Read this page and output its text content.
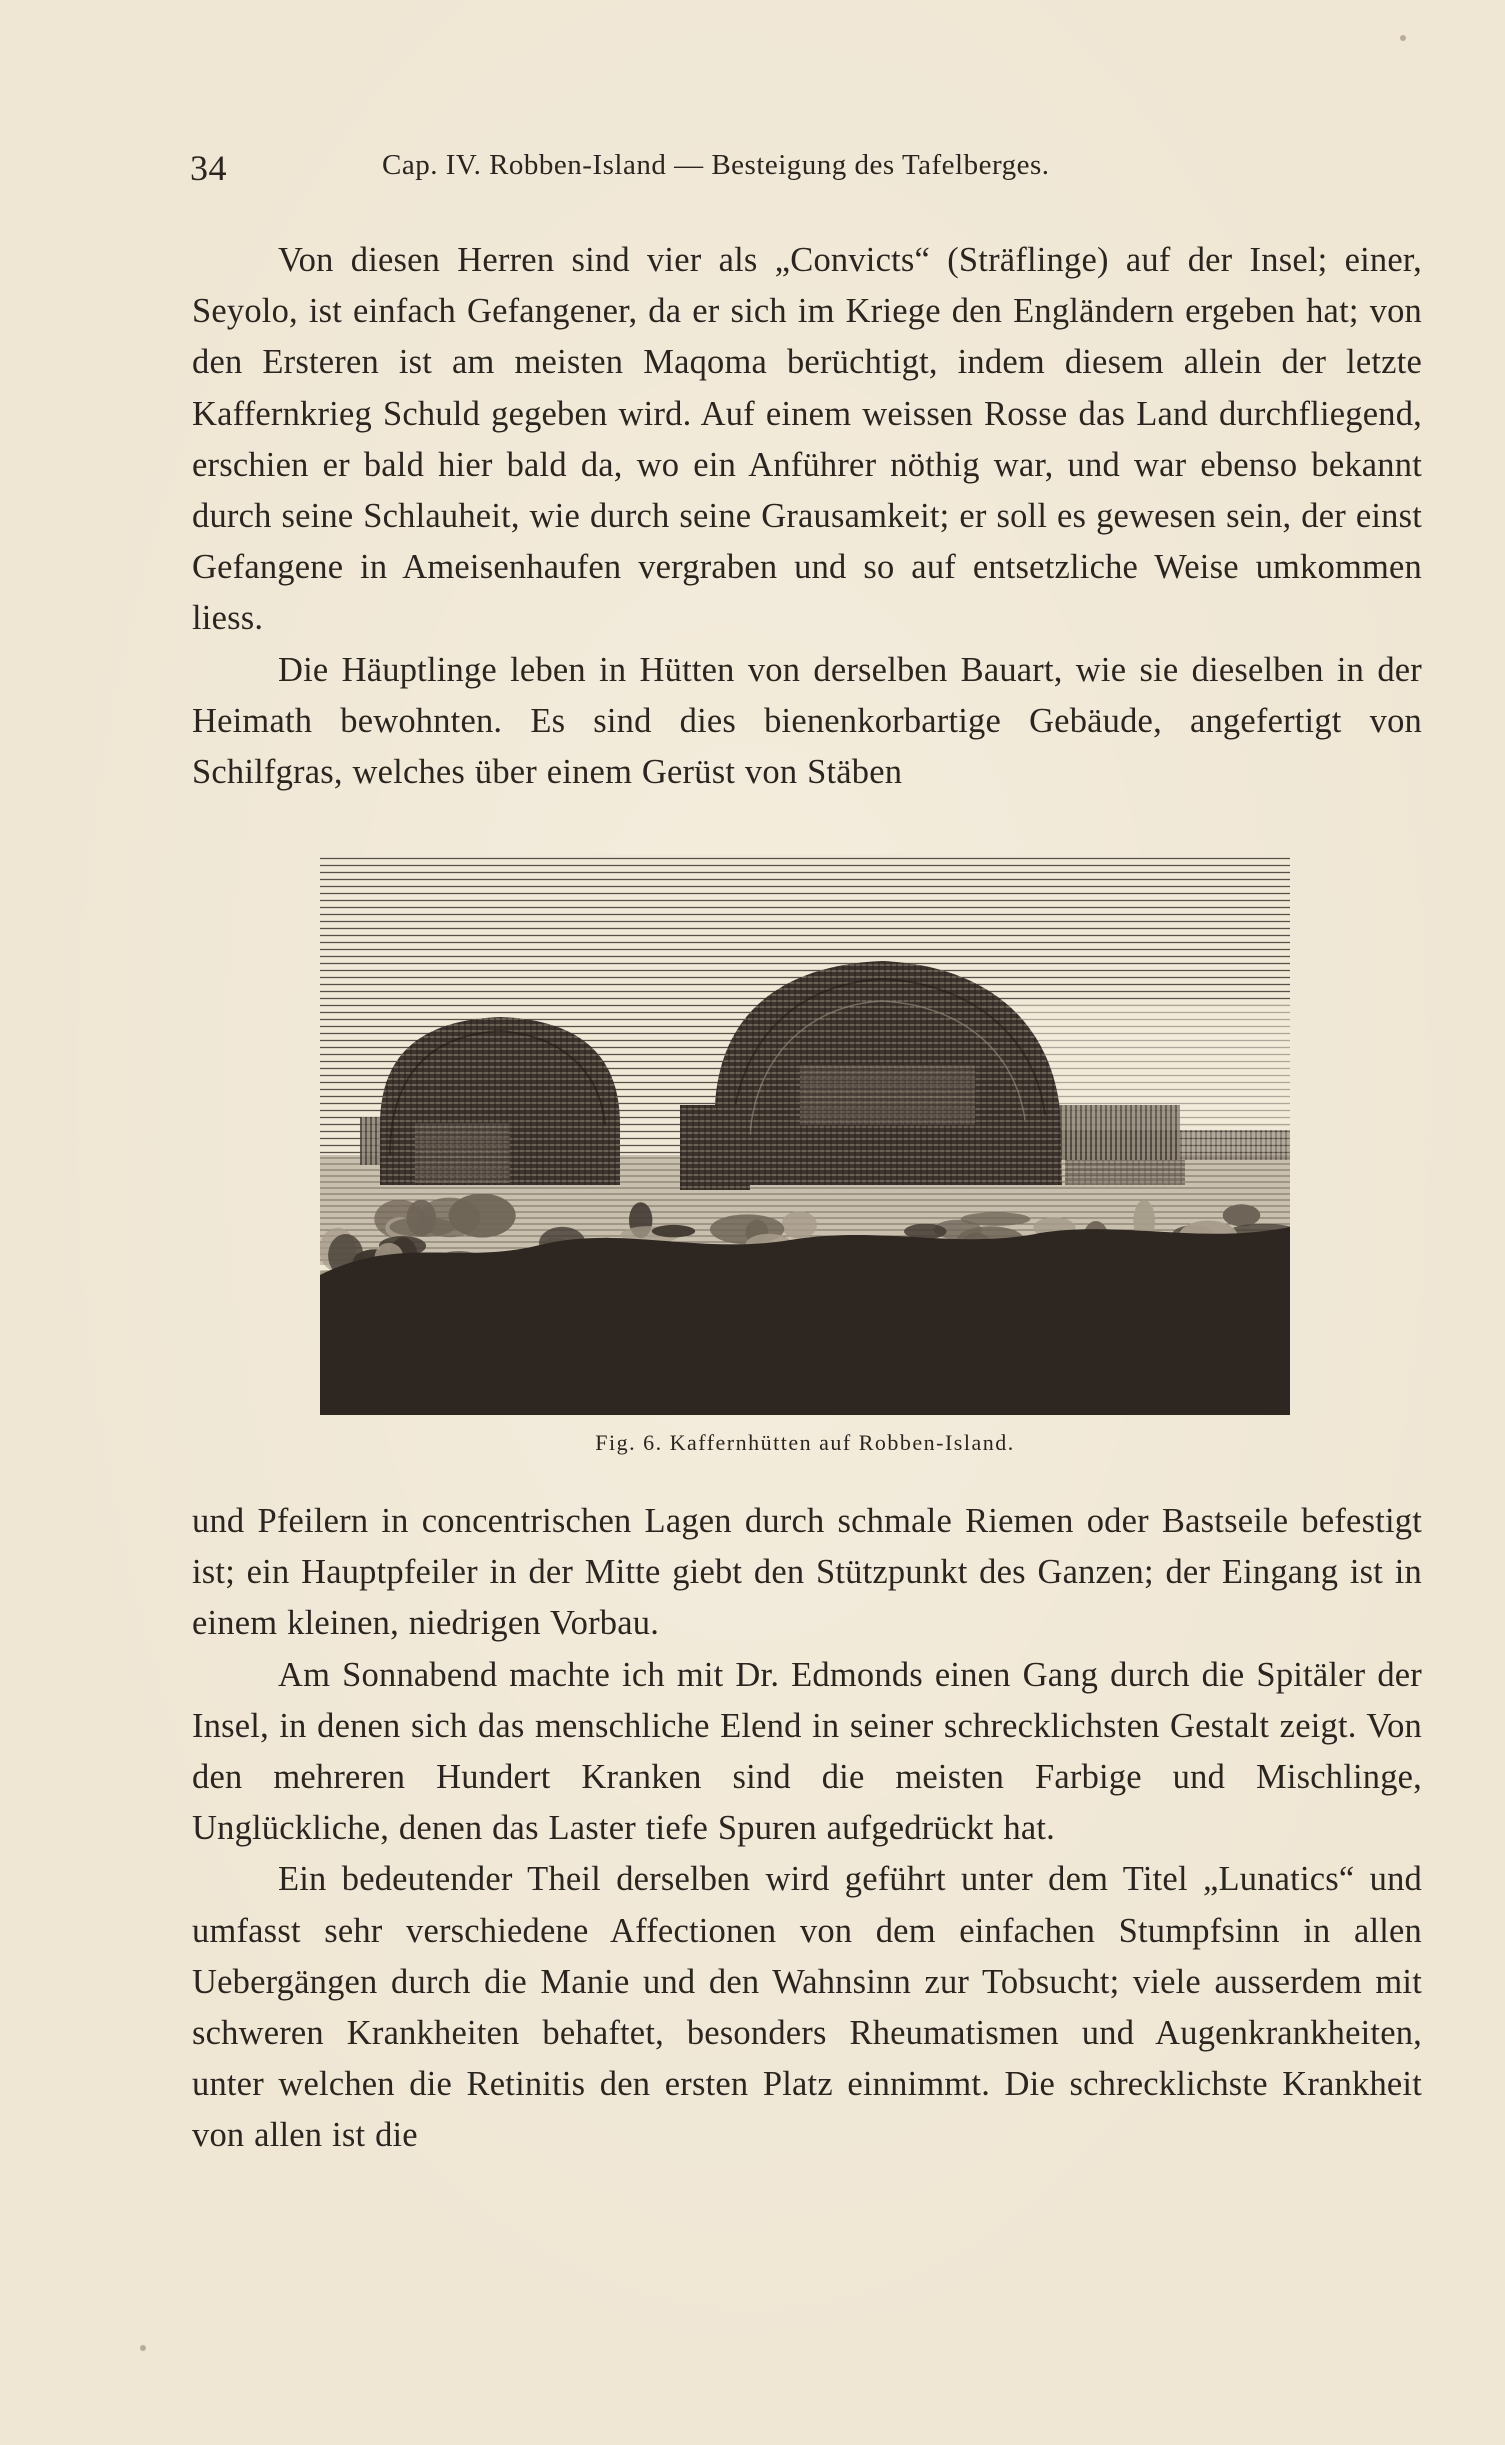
34	Cap. IV. Robben-Island — Besteigung des Tafelberges.

Von diesen Herren sind vier als „Convicts“ (Sträflinge) auf der Insel; einer, Seyolo, ist einfach Gefangener, da er sich im Kriege den Engländern ergeben hat; von den Ersteren ist am meisten Maqoma berüchtigt, indem diesem allein der letzte Kaffernkrieg Schuld gegeben wird. Auf einem weissen Rosse das Land durchfliegend, erschien er bald hier bald da, wo ein Anführer nöthig war, und war ebenso bekannt durch seine Schlauheit, wie durch seine Grausamkeit; er soll es gewesen sein, der einst Gefangene in Ameisenhaufen vergraben und so auf entsetzliche Weise umkommen liess.

Die Häuptlinge leben in Hütten von derselben Bauart, wie sie dieselben in der Heimath bewohnten. Es sind dies bienenkorbartige Gebäude, angefertigt von Schilfgras, welches über einem Gerüst von Stäben

Fig. 6. Kaffernhütten auf Robben-Island.

und Pfeilern in concentrischen Lagen durch schmale Riemen oder Bastseile befestigt ist; ein Hauptpfeiler in der Mitte giebt den Stützpunkt des Ganzen; der Eingang ist in einem kleinen, niedrigen Vorbau.

Am Sonnabend machte ich mit Dr. Edmonds einen Gang durch die Spitäler der Insel, in denen sich das menschliche Elend in seiner schrecklichsten Gestalt zeigt. Von den mehreren Hundert Kranken sind die meisten Farbige und Mischlinge, Unglückliche, denen das Laster tiefe Spuren aufgedrückt hat.

Ein bedeutender Theil derselben wird geführt unter dem Titel „Lunatics“ und umfasst sehr verschiedene Affectionen von dem einfachen Stumpfsinn in allen Uebergängen durch die Manie und den Wahnsinn zur Tobsucht; viele ausserdem mit schweren Krankheiten behaftet, besonders Rheumatismen und Augenkrankheiten, unter welchen die Retinitis den ersten Platz einnimmt. Die schrecklichste Krankheit von allen ist die
